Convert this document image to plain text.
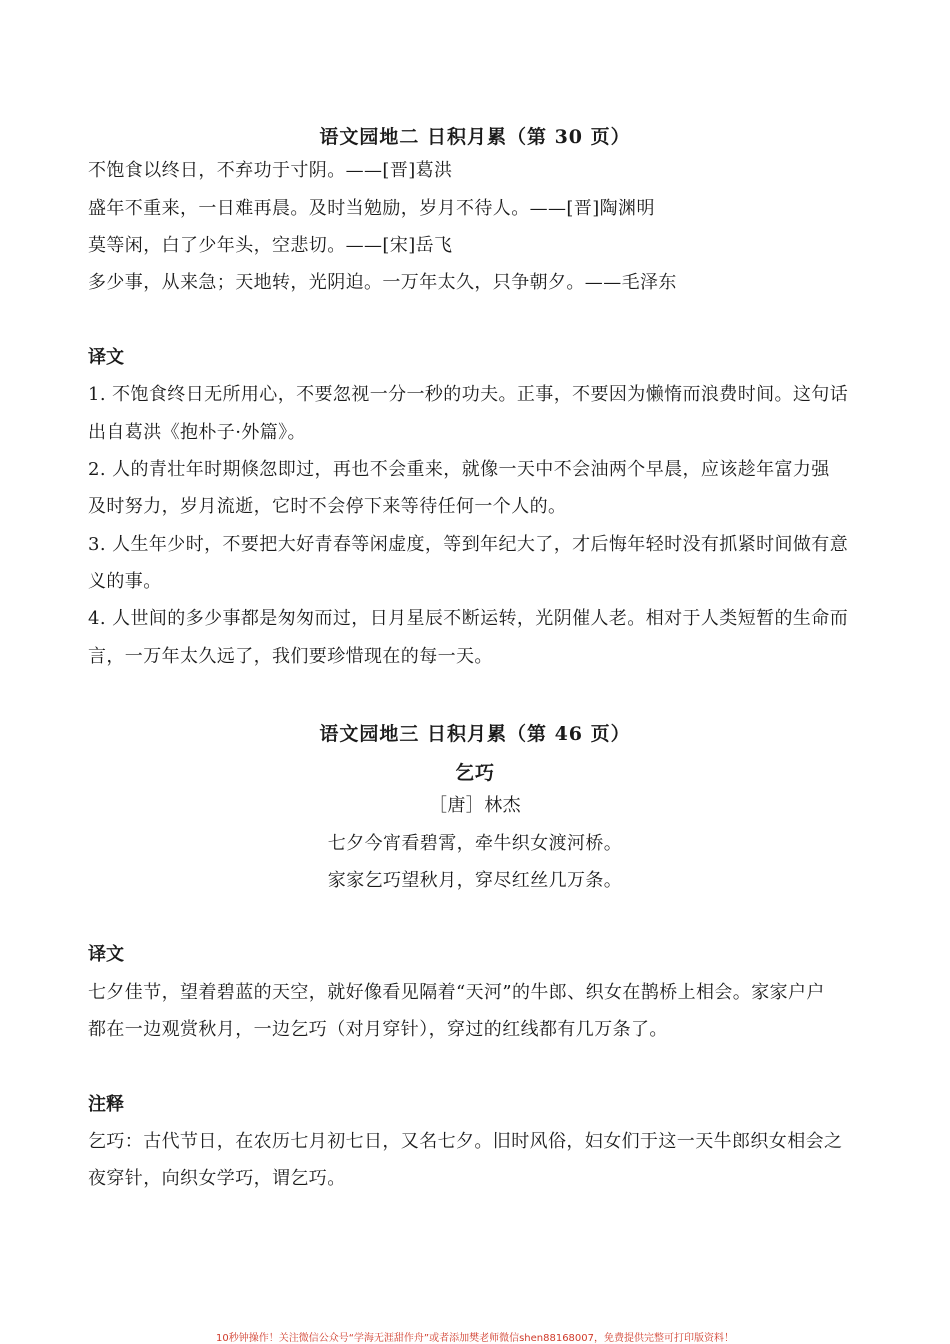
语文园地二 日积月累（第 30 页）
不饱食以终日，不弃功于寸阴。——[晋]葛洪
盛年不重来，一日难再晨。及时当勉励，岁月不待人。——[晋]陶渊明
莫等闲，白了少年头，空悲切。——[宋]岳飞
多少事，从来急；天地转，光阴迫。一万年太久，只争朝夕。——毛泽东
译文
1. 不饱食终日无所用心，不要忽视一分一秒的功夫。正事，不要因为懒惰而浪费时间。这句话
出自葛洪《抱朴子·外篇》。
2. 人的青壮年时期倏忽即过，再也不会重来，就像一天中不会油两个早晨，应该趁年富力强
及时努力，岁月流逝，它时不会停下来等待任何一个人的。
3. 人生年少时，不要把大好青春等闲虚度，等到年纪大了，才后悔年轻时没有抓紧时间做有意
义的事。
4. 人世间的多少事都是匆匆而过，日月星辰不断运转，光阴催人老。相对于人类短暂的生命而
言，一万年太久远了，我们要珍惜现在的每一天。
语文园地三 日积月累（第 46 页）
乞巧
［唐］林杰
七夕今宵看碧霄，牵牛织女渡河桥。
家家乞巧望秋月，穿尽红丝几万条。
译文
七夕佳节，望着碧蓝的天空，就好像看见隔着“天河”的牛郎、织女在鹊桥上相会。家家户户
都在一边观赏秋月，一边乞巧（对月穿针），穿过的红线都有几万条了。
注释
乞巧：古代节日，在农历七月初七日，又名七夕。旧时风俗，妇女们于这一天牛郎织女相会之
夜穿针，向织女学巧，谓乞巧。
10秒钟操作！关注微信公众号“学海无涯甜作舟”或者添加樊老师微信shen88168007，免费提供完整可打印版资料！
